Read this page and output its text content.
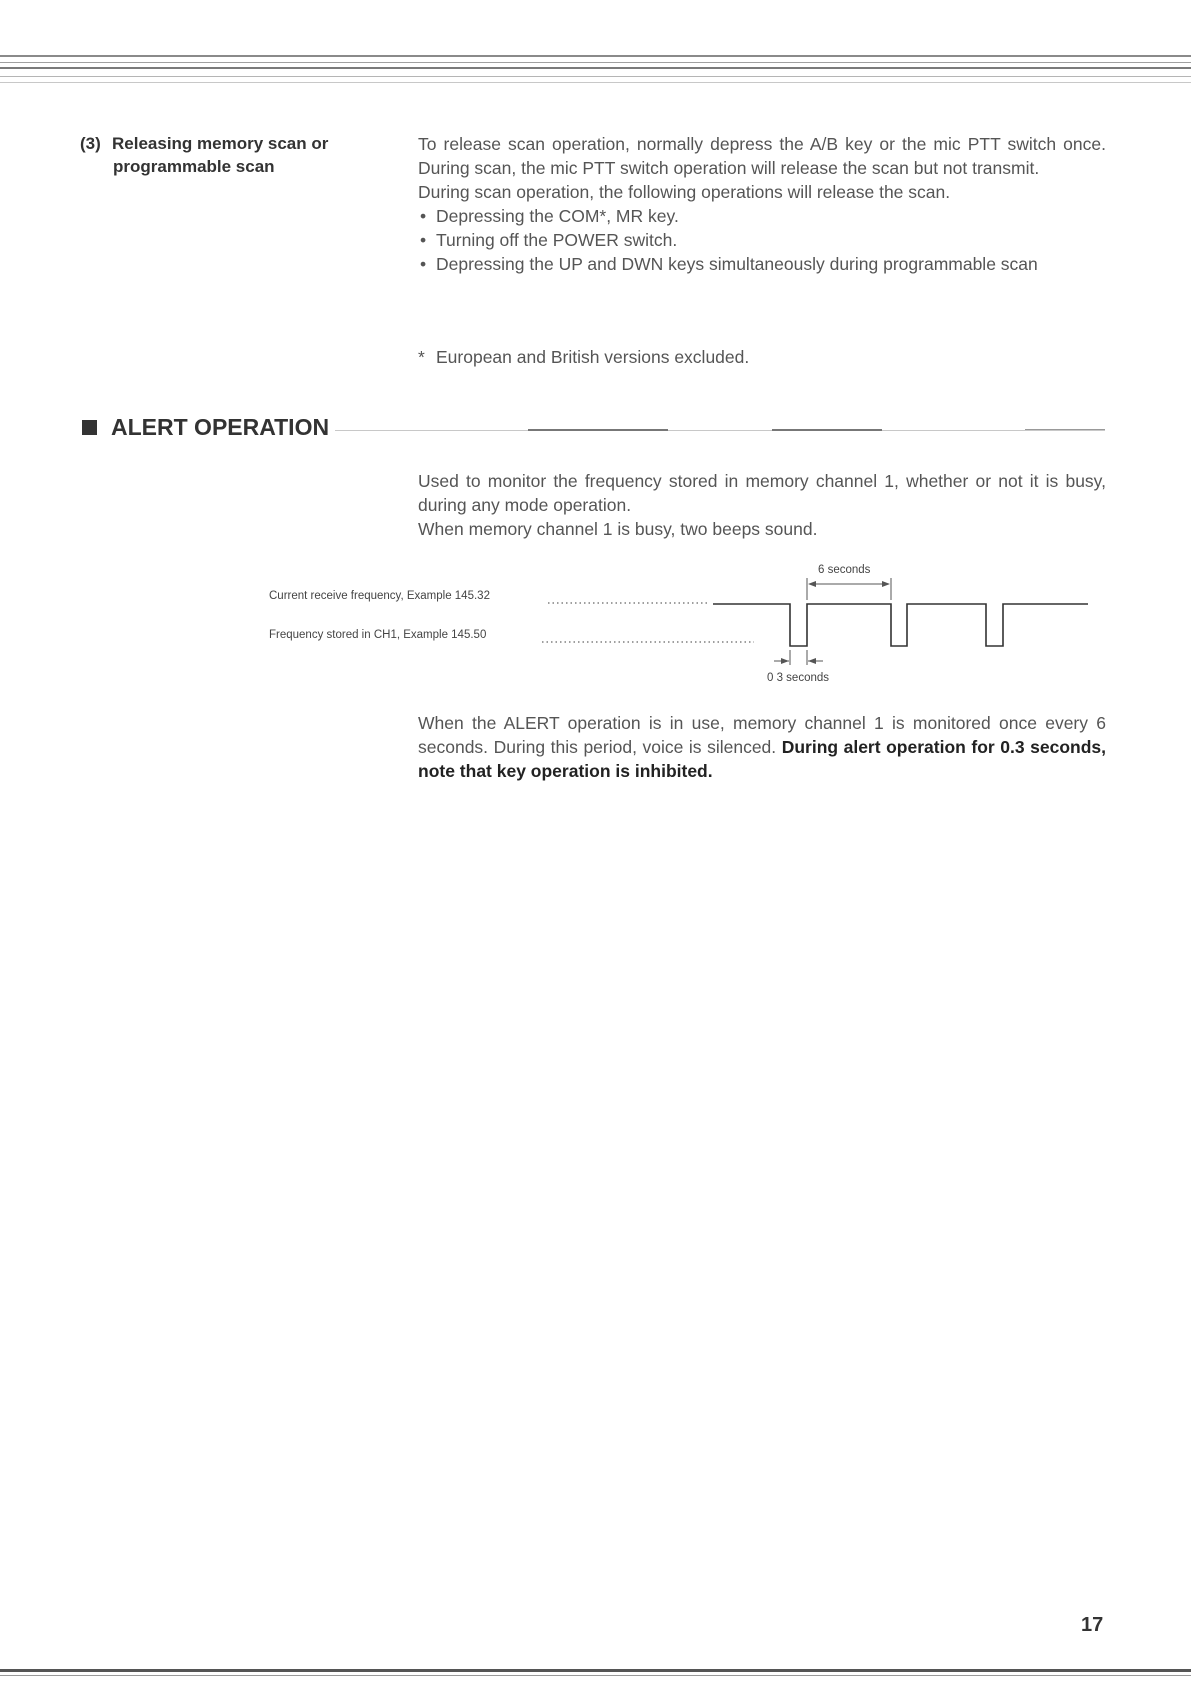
(3) Releasing memory scan or
programmable scan

To release scan operation, normally depress the A/B key or the mic PTT switch once. During scan, the mic PTT switch operation will release the scan but not transmit.

During scan operation, the following operations will release the scan.

• Depressing the COM*, MR key.
• Turning off the POWER switch.
• Depressing the UP and DWN keys simultaneously during programmable scan
* European and British versions excluded.
ALERT OPERATION

Used to monitor the frequency stored in memory channel 1, whether or not it is busy, during any mode operation.

When memory channel 1 is busy, two beeps sound.

Current receive frequency, Example 145.32
Frequency stored in CH1, Example 145.50
6 seconds
0 3 seconds

When the ALERT operation is in use, memory channel 1 is monitored once every 6 seconds. During this period, voice is silenced. During alert operation for 0.3 seconds, note that key operation is inhibited.

17
